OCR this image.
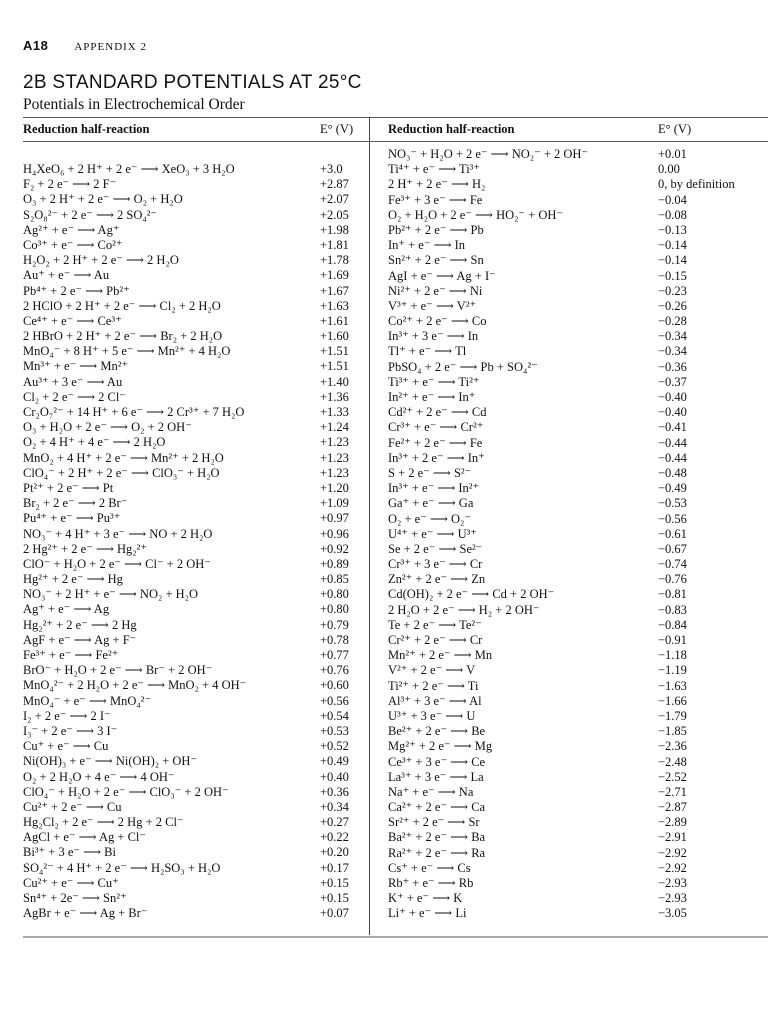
A18 APPENDIX 2
2B STANDARD POTENTIALS AT 25°C
Potentials in Electrochemical Order
Reduction half-reaction	E° (V)	Reduction half-reaction	E° (V)
H₄XeO₆ + 2 H⁺ + 2 e⁻ ⟶ XeO₃ + 3 H₂O	+3.0
F₂ + 2 e⁻ ⟶ 2 F⁻	+2.87
O₃ + 2 H⁺ + 2 e⁻ ⟶ O₂ + H₂O	+2.07
S₂O₈²⁻ + 2 e⁻ ⟶ 2 SO₄²⁻	+2.05
Ag²⁺ + e⁻ ⟶ Ag⁺	+1.98
Co³⁺ + e⁻ ⟶ Co²⁺	+1.81
H₂O₂ + 2 H⁺ + 2 e⁻ ⟶ 2 H₂O	+1.78
Au⁺ + e⁻ ⟶ Au	+1.69
Pb⁴⁺ + 2 e⁻ ⟶ Pb²⁺	+1.67
2 HClO + 2 H⁺ + 2 e⁻ ⟶ Cl₂ + 2 H₂O	+1.63
Ce⁴⁺ + e⁻ ⟶ Ce³⁺	+1.61
2 HBrO + 2 H⁺ + 2 e⁻ ⟶ Br₂ + 2 H₂O	+1.60
MnO₄⁻ + 8 H⁺ + 5 e⁻ ⟶ Mn²⁺ + 4 H₂O	+1.51
Mn³⁺ + e⁻ ⟶ Mn²⁺	+1.51
Au³⁺ + 3 e⁻ ⟶ Au	+1.40
Cl₂ + 2 e⁻ ⟶ 2 Cl⁻	+1.36
Cr₂O₇²⁻ + 14 H⁺ + 6 e⁻ ⟶ 2 Cr³⁺ + 7 H₂O	+1.33
O₃ + H₂O + 2 e⁻ ⟶ O₂ + 2 OH⁻	+1.24
O₂ + 4 H⁺ + 4 e⁻ ⟶ 2 H₂O	+1.23
MnO₂ + 4 H⁺ + 2 e⁻ ⟶ Mn²⁺ + 2 H₂O	+1.23
ClO₄⁻ + 2 H⁺ + 2 e⁻ ⟶ ClO₃⁻ + H₂O	+1.23
Pt²⁺ + 2 e⁻ ⟶ Pt	+1.20
Br₂ + 2 e⁻ ⟶ 2 Br⁻	+1.09
Pu⁴⁺ + e⁻ ⟶ Pu³⁺	+0.97
NO₃⁻ + 4 H⁺ + 3 e⁻ ⟶ NO + 2 H₂O	+0.96
2 Hg²⁺ + 2 e⁻ ⟶ Hg₂²⁺	+0.92
ClO⁻ + H₂O + 2 e⁻ ⟶ Cl⁻ + 2 OH⁻	+0.89
Hg²⁺ + 2 e⁻ ⟶ Hg	+0.85
NO₃⁻ + 2 H⁺ + e⁻ ⟶ NO₂ + H₂O	+0.80
Ag⁺ + e⁻ ⟶ Ag	+0.80
Hg₂²⁺ + 2 e⁻ ⟶ 2 Hg	+0.79
AgF + e⁻ ⟶ Ag + F⁻	+0.78
Fe³⁺ + e⁻ ⟶ Fe²⁺	+0.77
BrO⁻ + H₂O + 2 e⁻ ⟶ Br⁻ + 2 OH⁻	+0.76
MnO₄²⁻ + 2 H₂O + 2 e⁻ ⟶ MnO₂ + 4 OH⁻	+0.60
MnO₄⁻ + e⁻ ⟶ MnO₄²⁻	+0.56
I₂ + 2 e⁻ ⟶ 2 I⁻	+0.54
I₃⁻ + 2 e⁻ ⟶ 3 I⁻	+0.53
Cu⁺ + e⁻ ⟶ Cu	+0.52
Ni(OH)₃ + e⁻ ⟶ Ni(OH)₂ + OH⁻	+0.49
O₂ + 2 H₂O + 4 e⁻ ⟶ 4 OH⁻	+0.40
ClO₄⁻ + H₂O + 2 e⁻ ⟶ ClO₃⁻ + 2 OH⁻	+0.36
Cu²⁺ + 2 e⁻ ⟶ Cu	+0.34
Hg₂Cl₂ + 2 e⁻ ⟶ 2 Hg + 2 Cl⁻	+0.27
AgCl + e⁻ ⟶ Ag + Cl⁻	+0.22
Bi³⁺ + 3 e⁻ ⟶ Bi	+0.20
SO₄²⁻ + 4 H⁺ + 2 e⁻ ⟶ H₂SO₃ + H₂O	+0.17
Cu²⁺ + e⁻ ⟶ Cu⁺	+0.15
Sn⁴⁺ + 2e⁻ ⟶ Sn²⁺	+0.15
AgBr + e⁻ ⟶ Ag + Br⁻	+0.07
NO₃⁻ + H₂O + 2 e⁻ ⟶ NO₂⁻ + 2 OH⁻	+0.01
Ti⁴⁺ + e⁻ ⟶ Ti³⁺	0.00
2 H⁺ + 2 e⁻ ⟶ H₂	0, by definition
Fe³⁺ + 3 e⁻ ⟶ Fe	−0.04
O₂ + H₂O + 2 e⁻ ⟶ HO₂⁻ + OH⁻	−0.08
Pb²⁺ + 2 e⁻ ⟶ Pb	−0.13
In⁺ + e⁻ ⟶ In	−0.14
Sn²⁺ + 2 e⁻ ⟶ Sn	−0.14
AgI + e⁻ ⟶ Ag + I⁻	−0.15
Ni²⁺ + 2 e⁻ ⟶ Ni	−0.23
V³⁺ + e⁻ ⟶ V²⁺	−0.26
Co²⁺ + 2 e⁻ ⟶ Co	−0.28
In³⁺ + 3 e⁻ ⟶ In	−0.34
Tl⁺ + e⁻ ⟶ Tl	−0.34
PbSO₄ + 2 e⁻ ⟶ Pb + SO₄²⁻	−0.36
Ti³⁺ + e⁻ ⟶ Ti²⁺	−0.37
In²⁺ + e⁻ ⟶ In⁺	−0.40
Cd²⁺ + 2 e⁻ ⟶ Cd	−0.40
Cr³⁺ + e⁻ ⟶ Cr²⁺	−0.41
Fe²⁺ + 2 e⁻ ⟶ Fe	−0.44
In³⁺ + 2 e⁻ ⟶ In⁺	−0.44
S + 2 e⁻ ⟶ S²⁻	−0.48
In³⁺ + e⁻ ⟶ In²⁺	−0.49
Ga⁺ + e⁻ ⟶ Ga	−0.53
O₂ + e⁻ ⟶ O₂⁻	−0.56
U⁴⁺ + e⁻ ⟶ U³⁺	−0.61
Se + 2 e⁻ ⟶ Se²⁻	−0.67
Cr³⁺ + 3 e⁻ ⟶ Cr	−0.74
Zn²⁺ + 2 e⁻ ⟶ Zn	−0.76
Cd(OH)₂ + 2 e⁻ ⟶ Cd + 2 OH⁻	−0.81
2 H₂O + 2 e⁻ ⟶ H₂ + 2 OH⁻	−0.83
Te + 2 e⁻ ⟶ Te²⁻	−0.84
Cr²⁺ + 2 e⁻ ⟶ Cr	−0.91
Mn²⁺ + 2 e⁻ ⟶ Mn	−1.18
V²⁺ + 2 e⁻ ⟶ V	−1.19
Ti²⁺ + 2 e⁻ ⟶ Ti	−1.63
Al³⁺ + 3 e⁻ ⟶ Al	−1.66
U³⁺ + 3 e⁻ ⟶ U	−1.79
Be²⁺ + 2 e⁻ ⟶ Be	−1.85
Mg²⁺ + 2 e⁻ ⟶ Mg	−2.36
Ce³⁺ + 3 e⁻ ⟶ Ce	−2.48
La³⁺ + 3 e⁻ ⟶ La	−2.52
Na⁺ + e⁻ ⟶ Na	−2.71
Ca²⁺ + 2 e⁻ ⟶ Ca	−2.87
Sr²⁺ + 2 e⁻ ⟶ Sr	−2.89
Ba²⁺ + 2 e⁻ ⟶ Ba	−2.91
Ra²⁺ + 2 e⁻ ⟶ Ra	−2.92
Cs⁺ + e⁻ ⟶ Cs	−2.92
Rb⁺ + e⁻ ⟶ Rb	−2.93
K⁺ + e⁻ ⟶ K	−2.93
Li⁺ + e⁻ ⟶ Li	−3.05
